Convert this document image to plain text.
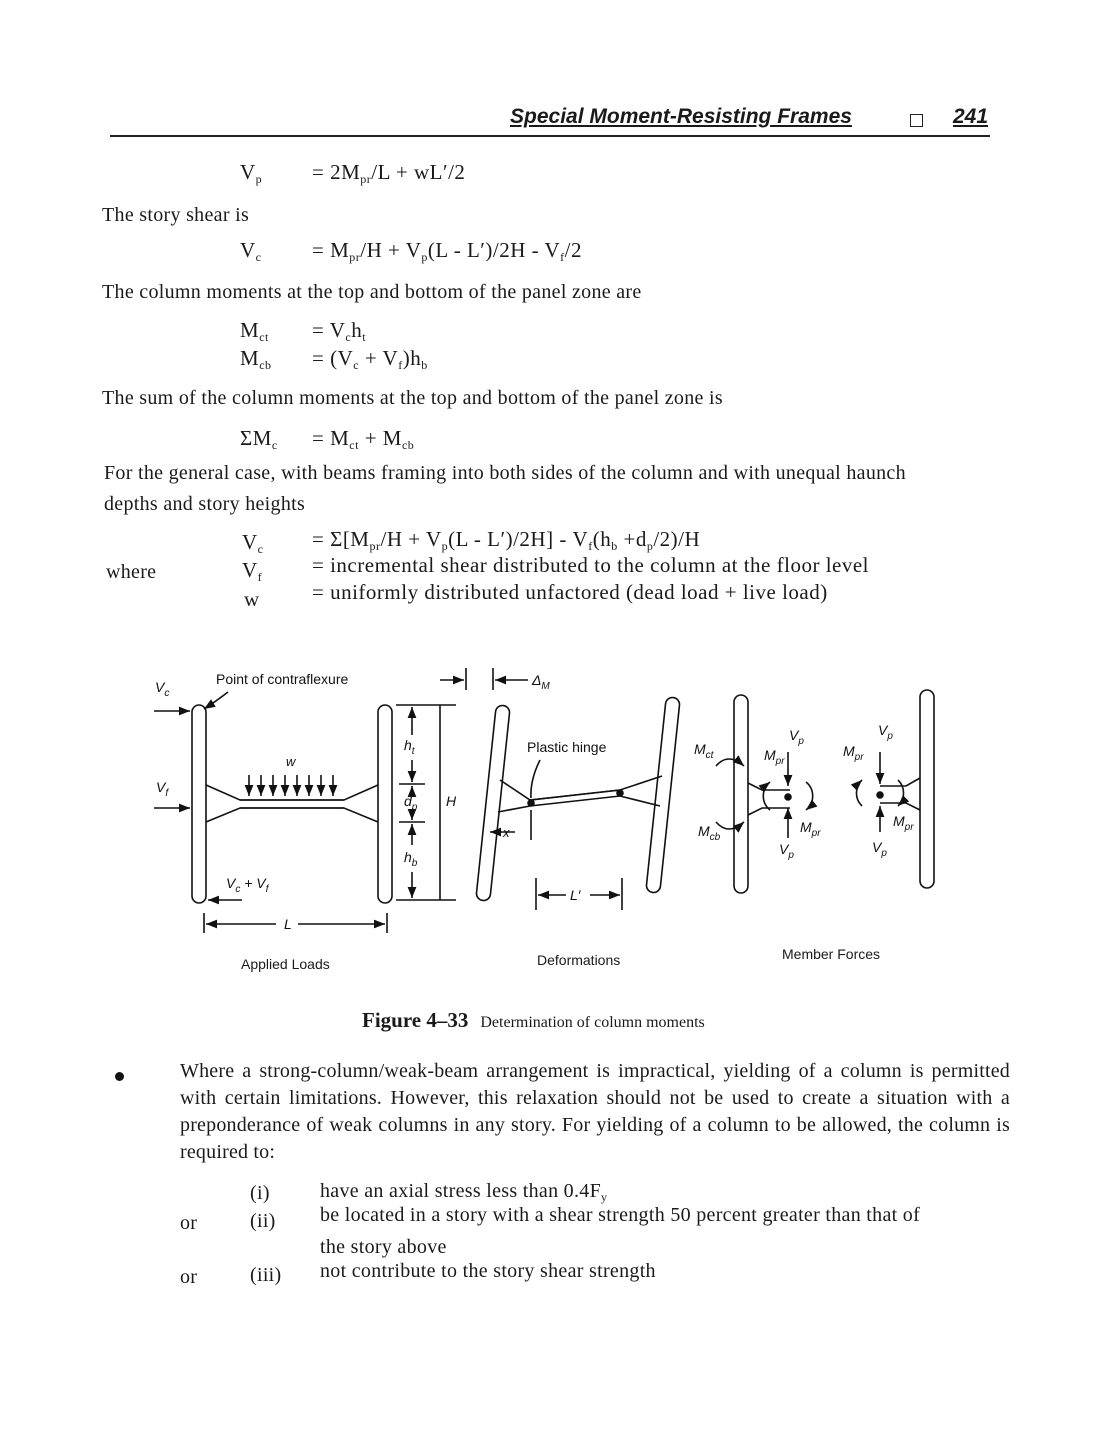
Special Moment-Resisting Frames	241
$V_p = 2M_{pr}/L + wL'/2$
The story shear is
$V_c = M_{pr}/H + V_p(L - L')/2H - V_f/2$
The column moments at the top and bottom of the panel zone are
$M_{ct} = V_ch_t$
$M_{cb} = (V_c + V_f)h_b$
The sum of the column moments at the top and bottom of the panel zone is
$\Sigma M_c = M_{ct} + M_{cb}$
For the general case, with beams framing into both sides of the column and with unequal haunch
depths and story heights
$V_c = \Sigma[M_{pr}/H + V_p(L - L')/2H] - V_f(h_b +d_p/2)/H$
where	$V_f$ = incremental shear distributed to the column at the floor level
w = uniformly distributed unfactored (dead load + live load)
$V_c$
Point of contraflexure
$V_f$
w
$V_c + V_f$
L
$h_t$
$d_p$ H
$h_b$
$\Delta_M$
Plastic hinge
x
L′
$M_{ct}$
$M_{cb}$
$V_p$
$M_{pr}$
$V_p$
$M_{pr}$
$M_{pr}$
$V_p$
$M_{pr}$
$V_p$
Applied Loads	Deformations	Member Forces
Figure 4–33 Determination of column moments
Where a strong-column/weak-beam arrangement is impractical, yielding of a column is permitted with certain limitations. However, this relaxation should not be used to create a situation with a preponderance of weak columns in any story. For yielding of a column to be allowed, the column is required to:
(i)	have an axial stress less than $0.4F_y$
or	(ii) be located in a story with a shear strength 50 percent greater than that of
the story above
or	(iii) not contribute to the story shear strength
